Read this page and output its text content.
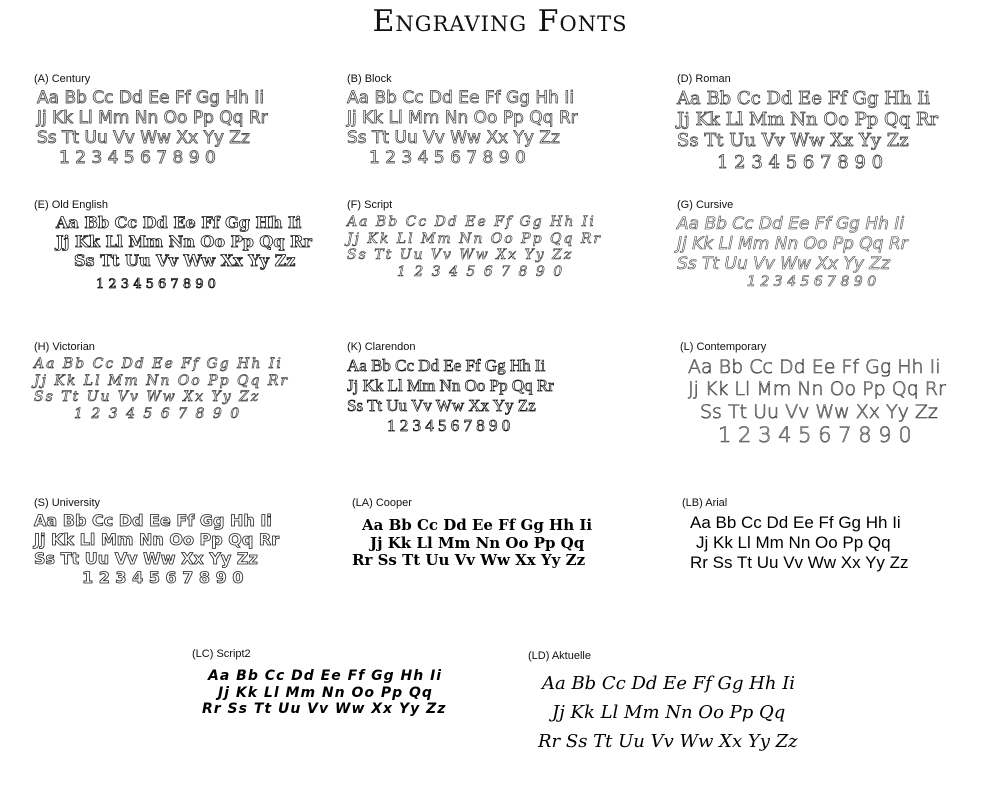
Engraving Fonts
(A) Century
Aa Bb Cc Dd Ee Ff Gg Hh Ii
Jj Kk Ll Mm Nn Oo Pp Qq Rr
Ss Tt Uu Vv Ww Xx Yy Zz
1 2 3 4 5 6 7 8 9 0
(B) Block
Aa Bb Cc Dd Ee Ff Gg Hh Ii
Jj Kk Ll Mm Nn Oo Pp Qq Rr
Ss Tt Uu Vv Ww Xx Yy Zz
1 2 3 4 5 6 7 8 9 0
(D) Roman
Aa Bb Cc Dd Ee Ff Gg Hh Ii
Jj Kk Ll Mm Nn Oo Pp Qq Rr
Ss Tt Uu Vv Ww Xx Yy Zz
1 2 3 4 5 6 7 8 9 0
(E) Old English
Aa Bb Cc Dd Ee Ff Gg Hh Ii
Jj Kk Ll Mm Nn Oo Pp Qq Rr
Ss Tt Uu Vv Ww Xx Yy Zz
1 2 3 4 5 6 7 8 9 0
(F) Script
Aa Bb Cc Dd Ee Ff Gg Hh Ii
Jj Kk Ll Mm Nn Oo Pp Qq Rr
Ss Tt Uu Vv Ww Xx Yy Zz
1 2 3 4 5 6 7 8 9 0
(G) Cursive
Aa Bb Cc Dd Ee Ff Gg Hh Ii
Jj Kk Ll Mm Nn Oo Pp Qq Rr
Ss Tt Uu Vv Ww Xx Yy Zz
1 2 3 4 5 6 7 8 9 0
(H) Victorian
Aa Bb Cc Dd Ee Ff Gg Hh Ii
Jj Kk Ll Mm Nn Oo Pp Qq Rr
Ss Tt Uu Vv Ww Xx Yy Zz
1 2 3 4 5 6 7 8 9 0
(K) Clarendon
Aa Bb Cc Dd Ee Ff Gg Hh Ii
Jj Kk Ll Mm Nn Oo Pp Qq Rr
Ss Tt Uu Vv Ww Xx Yy Zz
1 2 3 4 5 6 7 8 9 0
(L) Contemporary
Aa Bb Cc Dd Ee Ff Gg Hh Ii
Jj Kk Ll Mm Nn Oo Pp Qq Rr
Ss Tt Uu Vv Ww Xx Yy Zz
1 2 3 4 5 6 7 8 9 0
(S) University
Aa Bb Cc Dd Ee Ff Gg Hh Ii
Jj Kk Ll Mm Nn Oo Pp Qq Rr
Ss Tt Uu Vv Ww Xx Yy Zz
1 2 3 4 5 6 7 8 9 0
(LA) Cooper
Aa Bb Cc Dd Ee Ff Gg Hh Ii
Jj Kk Ll Mm Nn Oo Pp Qq
Rr Ss Tt Uu Vv Ww Xx Yy Zz
(LB) Arial
Aa Bb Cc Dd Ee Ff Gg Hh Ii
Jj Kk Ll Mm Nn Oo Pp Qq
Rr Ss Tt Uu Vv Ww Xx Yy Zz
(LC) Script2
Aa Bb Cc Dd Ee Ff Gg Hh Ii
Jj Kk Ll Mm Nn Oo Pp Qq
Rr Ss Tt Uu Vv Ww Xx Yy Zz
(LD) Aktuelle
Aa Bb Cc Dd Ee Ff Gg Hh Ii
Jj Kk Ll Mm Nn Oo Pp Qq
Rr Ss Tt Uu Vv Ww Xx Yy Zz
